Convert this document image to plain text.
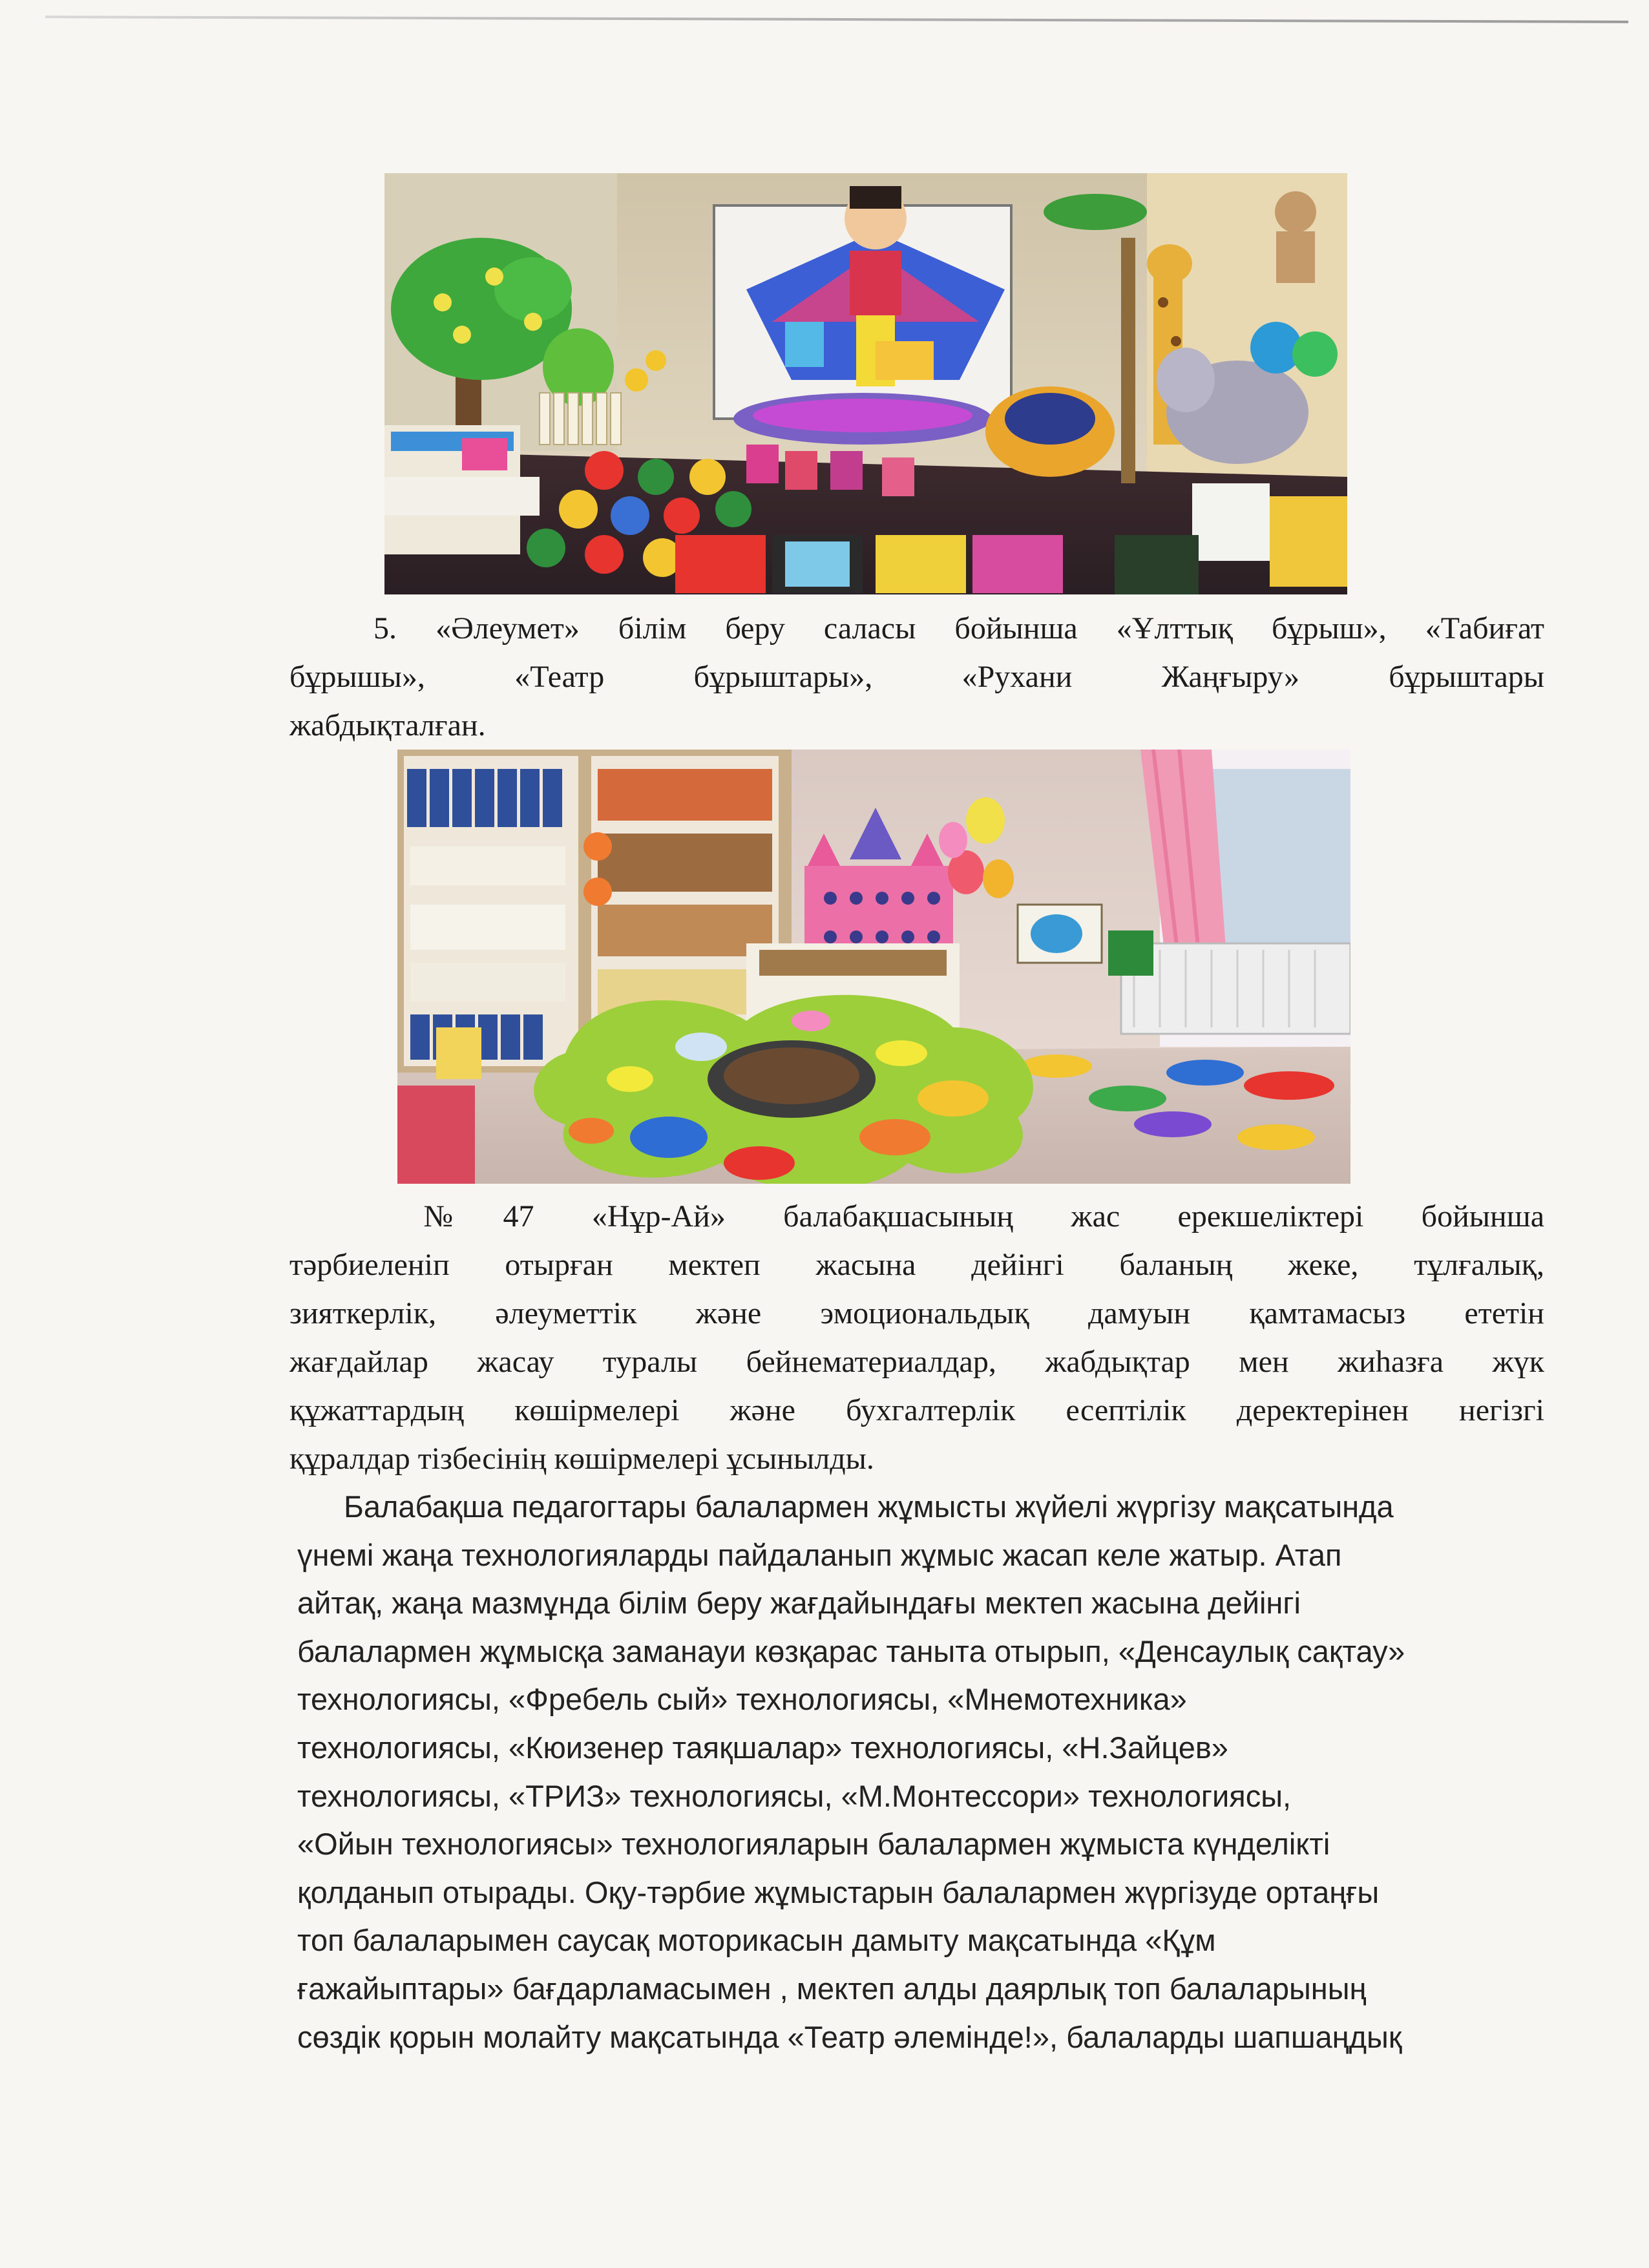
5. «Әлеумет» білім беру саласы бойынша «Ұлттық бұрыш», «Табиғат
бұрышы», «Театр бұрыштары», «Рухани Жаңғыру» бұрыштары
жабдықталған.
№47 «Нұр-Ай» балабақшасының жас ерекшеліктері бойынша
тәрбиеленіп отырған мектеп жасына дейінгі баланың жеке, тұлғалық,
зияткерлік, әлеуметтік және эмоциональдық дамуын қамтамасыз ететін
жағдайлар жасау туралы бейнематериалдар, жабдықтар мен жиһазға жүк
құжаттардың көшірмелері және бухгалтерлік есептілік деректерінен негізгі
құралдар тізбесінің көшірмелері ұсынылды.
Балабақша педагогтары балалармен жұмысты жүйелі жүргізу мақсатында
үнемі жаңа технологияларды пайдаланып жұмыс жасап келе жатыр. Атап
айтақ, жаңа мазмұнда білім беру жағдайындағы мектеп жасына дейінгі
балалармен жұмысқа заманауи көзқарас танытa отырып, «Денсаулық сақтау»
технологиясы, «Фребель сый» технологиясы, «Мнемотехника»
технологиясы, «Кюизенер таяқшалар» технологиясы, «Н.Зайцев»
технологиясы, «ТРИЗ» технологиясы, «М.Монтессори» технологиясы,
«Ойын технологиясы» технологияларын балалармен жұмыста күнделікті
қолданып отырады. Оқу-тәрбие жұмыстарын балалармен жүргізуде ортаңғы
топ балаларымен саусақ моторикасын дамыту мақсатында «Құм
ғажайыптары» бағдарламасымен , мектеп алды даярлық топ балаларының
сөздік қорын молайту мақсатында «Театр әлемінде!», балаларды шапшаңдық
